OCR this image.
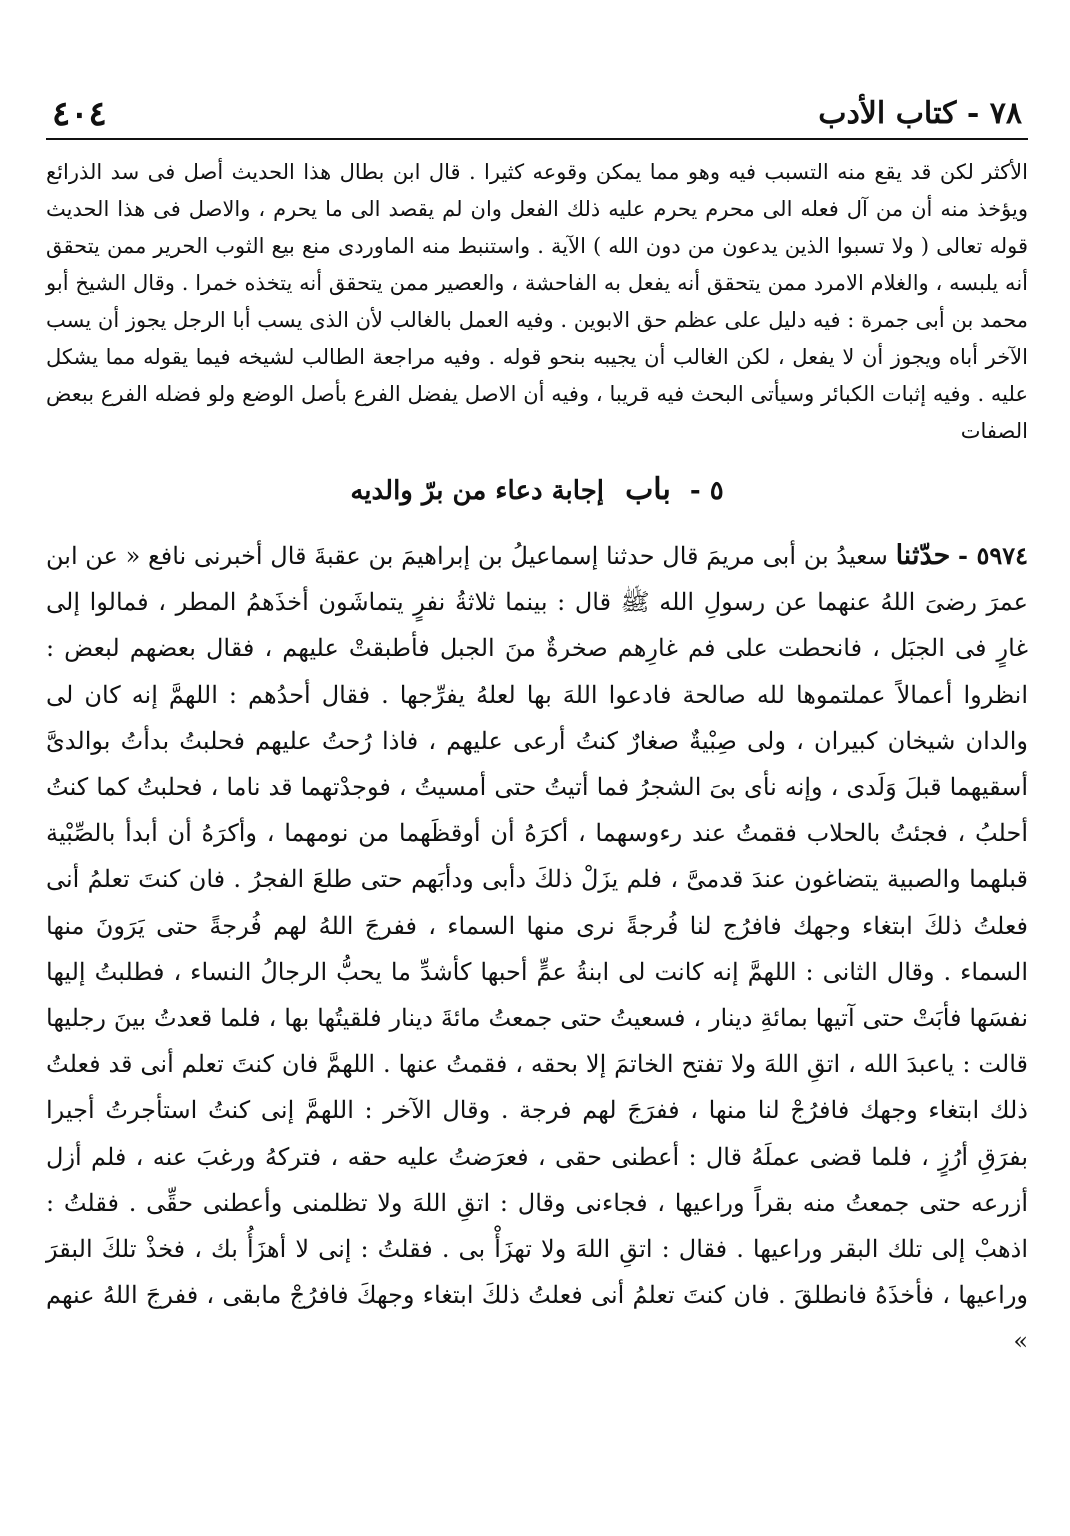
٧٨ - كتاب الأدب
٤٠٤

الأكثر لكن قد يقع منه التسبب فيه وهو مما يمكن وقوعه كثيرا . قال ابن بطال هذا الحديث أصل فى سد الذرائع ويؤخذ منه أن من آل فعله الى محرم يحرم عليه ذلك الفعل وان لم يقصد الى ما يحرم ، والاصل فى هذا الحديث قوله تعالى ( ولا تسبوا الذين يدعون من دون الله ) الآية . واستنبط منه الماوردى منع بيع الثوب الحرير ممن يتحقق أنه يلبسه ، والغلام الامرد ممن يتحقق أنه يفعل به الفاحشة ، والعصير ممن يتحقق أنه يتخذه خمرا . وقال الشيخ أبو محمد بن أبى جمرة : فيه دليل على عظم حق الابوين . وفيه العمل بالغالب لأن الذى يسب أبا الرجل يجوز أن يسب الآخر أباه ويجوز أن لا يفعل ، لكن الغالب أن يجيبه بنحو قوله . وفيه مراجعة الطالب لشيخه فيما يقوله مما يشكل عليه . وفيه إثبات الكبائر وسيأتى البحث فيه قريبا ، وفيه أن الاصل يفضل الفرع بأصل الوضع ولو فضله الفرع ببعض الصفات

٥ - باب إجابة دعاء من برّ والديه

٥٩٧٤ - حدّثنا سعيدُ بن أبى مريمَ قال حدثنا إسماعيلُ بن إبراهيمَ بن عقبةَ قال أخبرنى نافع « عن ابن عمرَ رضىَ اللهُ عنهما عن رسولِ الله ﷺ قال : بينما ثلاثةُ نفرٍ يتماشَون أخذَهمُ المطر ، فمالوا إلى غارٍ فى الجبَل ، فانحطت على فم غارِهم صخرةٌ منَ الجبل فأطبقتْ عليهم ، فقال بعضهم لبعض : انظروا أعمالاً عملتموها لله صالحة فادعوا اللهَ بها لعلهُ يفرِّجها . فقال أحدُهم : اللهمَّ إنه كان لى والدان شيخان كبيران ، ولى صِبْيةٌ صغارٌ كنتُ أرعى عليهم ، فاذا رُحتُ عليهم فحلبتُ بدأتُ بوالدىَّ أسقيهما قبلَ وَلَدى ، وإنه نأى بىَ الشجرُ فما أتيتُ حتى أمسيتُ ، فوجدْتهما قد ناما ، فحلبتُ كما كنتُ أحلبُ ، فجئتُ بالحلاب فقمتُ عند رءوسهما ، أكرَهُ أن أوقظَهما من نومهما ، وأكرَهُ أن أبدأ بالصِّبْية قبلهما والصبية يتضاغون عندَ قدمىَّ ، فلم يزَلْ ذلكَ دأبى ودأبَهم حتى طلعَ الفجرُ . فان كنتَ تعلمُ أنى فعلتُ ذلكَ ابتغاء وجهك فافرُج لنا فُرجةً نرى منها السماء ، ففرجَ اللهُ لهم فُرجةً حتى يَرَونَ منها السماء . وقال الثانى : اللهمَّ إنه كانت لى ابنةُ عمٍّ أحبها كأشدِّ ما يحبُّ الرجالُ النساء ، فطلبتُ إليها نفسَها فأبَتْ حتى آتيها بمائةِ دينار ، فسعيتُ حتى جمعتُ مائةَ دينار فلقيتُها بها ، فلما قعدتُ بينَ رجليها قالت : ياعبدَ الله ، اتقِ اللهَ ولا تفتح الخاتمَ إلا بحقه ، فقمتُ عنها . اللهمَّ فان كنتَ تعلم أنى قد فعلتُ ذلك ابتغاء وجهك فافرُجْ لنا منها ، ففرَجَ لهم فرجة . وقال الآخر : اللهمَّ إنى كنتُ استأجرتُ أجيرا بفرَقِ أرُزٍ ، فلما قضى عملَهُ قال : أعطنى حقى ، فعرَضتُ عليه حقه ، فتركهُ ورغبَ عنه ، فلم أزل أزرعه حتى جمعتُ منه بقراً وراعيها ، فجاءنى وقال : اتقِ اللهَ ولا تظلمنى وأعطنى حقِّى . فقلتُ : اذهبْ إلى تلك البقر وراعيها . فقال : اتقِ اللهَ ولا تهزَأْ بى . فقلتُ : إنى لا أهزَأُ بك ، فخذْ تلكَ البقرَ وراعيها ، فأخذَهُ فانطلقَ . فان كنتَ تعلمُ أنى فعلتُ ذلكَ ابتغاء وجهكَ فافرُجْ مابقى ، ففرجَ اللهُ عنهم »
